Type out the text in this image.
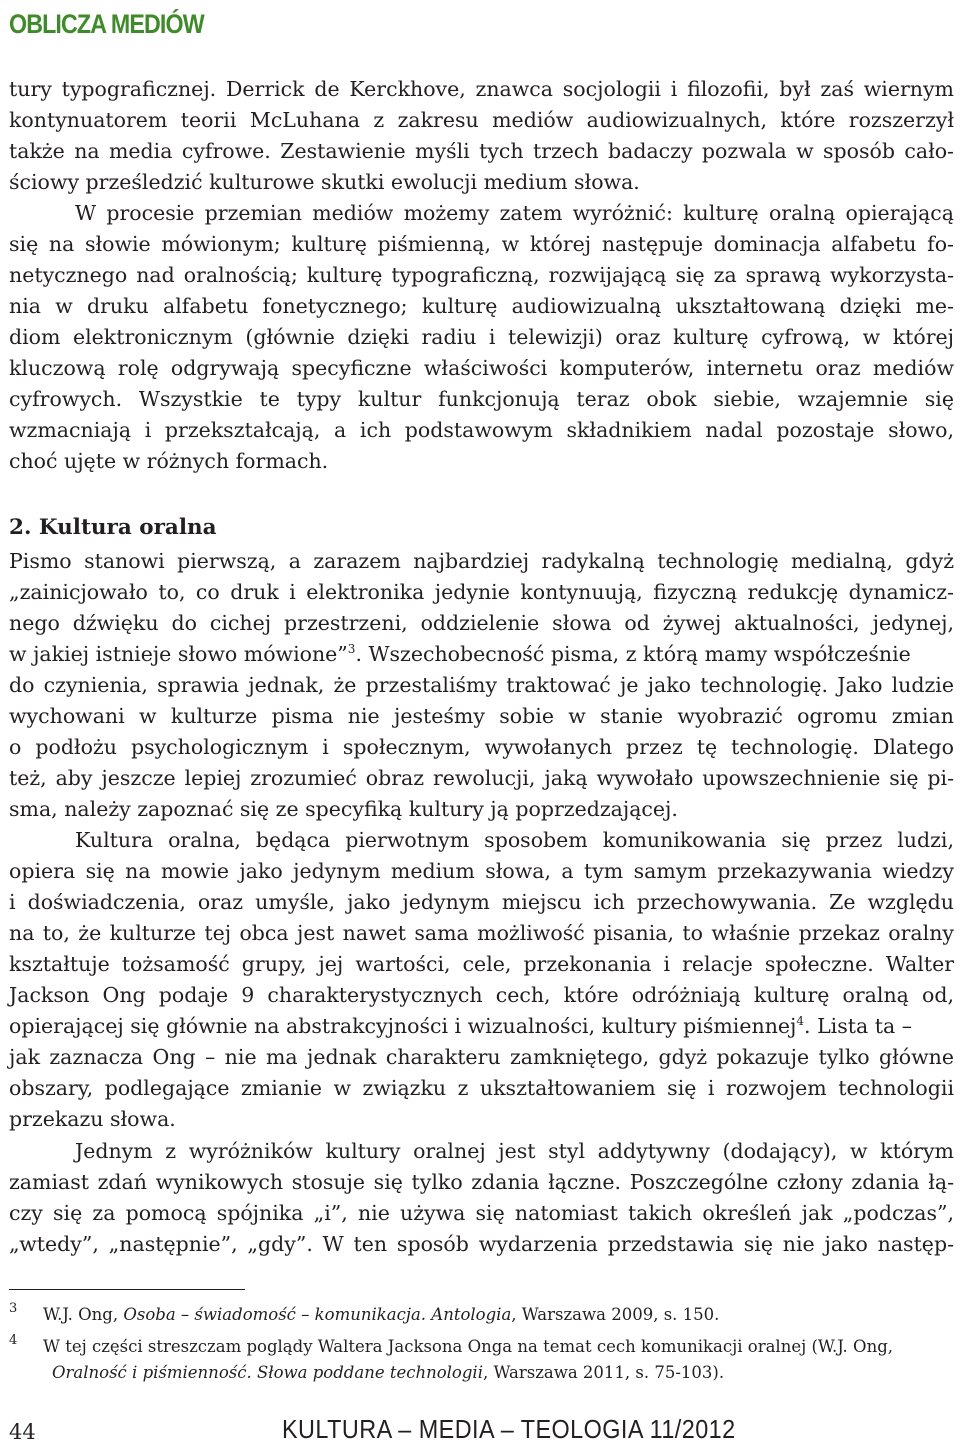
OBLICZA MEDIÓW
tury typograficznej. Derrick de Kerckhove, znawca socjologii i filozofii, był zaś wiernym
kontynuatorem teorii McLuhana z zakresu mediów audiowizualnych, które rozszerzył
także na media cyfrowe. Zestawienie myśli tych trzech badaczy pozwala w sposób cało-
ściowy prześledzić kulturowe skutki ewolucji medium słowa.
W procesie przemian mediów możemy zatem wyróżnić: kulturę oralną opierającą
się na słowie mówionym; kulturę piśmienną, w której następuje dominacja alfabetu fo-
netycznego nad oralnością; kulturę typograficzną, rozwijającą się za sprawą wykorzysta-
nia w druku alfabetu fonetycznego; kulturę audiowizualną ukształtowaną dzięki me-
diom elektronicznym (głównie dzięki radiu i telewizji) oraz kulturę cyfrową, w której
kluczową rolę odgrywają specyficzne właściwości komputerów, internetu oraz mediów
cyfrowych. Wszystkie te typy kultur funkcjonują teraz obok siebie, wzajemnie się
wzmacniają i przekształcają, a ich podstawowym składnikiem nadal pozostaje słowo,
choć ujęte w różnych formach.
2. Kultura oralna
Pismo stanowi pierwszą, a zarazem najbardziej radykalną technologię medialną, gdyż
„zainicjowało to, co druk i elektronika jedynie kontynuują, fizyczną redukcję dynamicz-
nego dźwięku do cichej przestrzeni, oddzielenie słowa od żywej aktualności, jedynej,
w jakiej istnieje słowo mówione”$^3$. Wszechobecność pisma, z którą mamy współcześnie
do czynienia, sprawia jednak, że przestaliśmy traktować je jako technologię. Jako ludzie
wychowani w kulturze pisma nie jesteśmy sobie w stanie wyobrazić ogromu zmian
o podłożu psychologicznym i społecznym, wywołanych przez tę technologię. Dlatego
też, aby jeszcze lepiej zrozumieć obraz rewolucji, jaką wywołało upowszechnienie się pi-
sma, należy zapoznać się ze specyfiką kultury ją poprzedzającej.
Kultura oralna, będąca pierwotnym sposobem komunikowania się przez ludzi,
opiera się na mowie jako jedynym medium słowa, a tym samym przekazywania wiedzy
i doświadczenia, oraz umyśle, jako jedynym miejscu ich przechowywania. Ze względu
na to, że kulturze tej obca jest nawet sama możliwość pisania, to właśnie przekaz oralny
kształtuje tożsamość grupy, jej wartości, cele, przekonania i relacje społeczne. Walter
Jackson Ong podaje 9 charakterystycznych cech, które odróżniają kulturę oralną od,
opierającej się głównie na abstrakcyjności i wizualności, kultury piśmiennej$^4$. Lista ta –
jak zaznacza Ong – nie ma jednak charakteru zamkniętego, gdyż pokazuje tylko główne
obszary, podlegające zmianie w związku z ukształtowaniem się i rozwojem technologii
przekazu słowa.
Jednym z wyróżników kultury oralnej jest styl addytywny (dodający), w którym
zamiast zdań wynikowych stosuje się tylko zdania łączne. Poszczególne człony zdania łą-
czy się za pomocą spójnika „i”, nie używa się natomiast takich określeń jak „podczas”,
„wtedy”, „następnie”, „gdy”. W ten sposób wydarzenia przedstawia się nie jako następ-
3 W.J. Ong, Osoba – świadomość – komunikacja. Antologia, Warszawa 2009, s. 150.
4 W tej części streszczam poglądy Waltera Jacksona Onga na temat cech komunikacji oralnej (W.J. Ong,
Oralność i piśmienność. Słowa poddane technologii, Warszawa 2011, s. 75-103).
44	KULTURA – MEDIA – TEOLOGIA 11/2012
